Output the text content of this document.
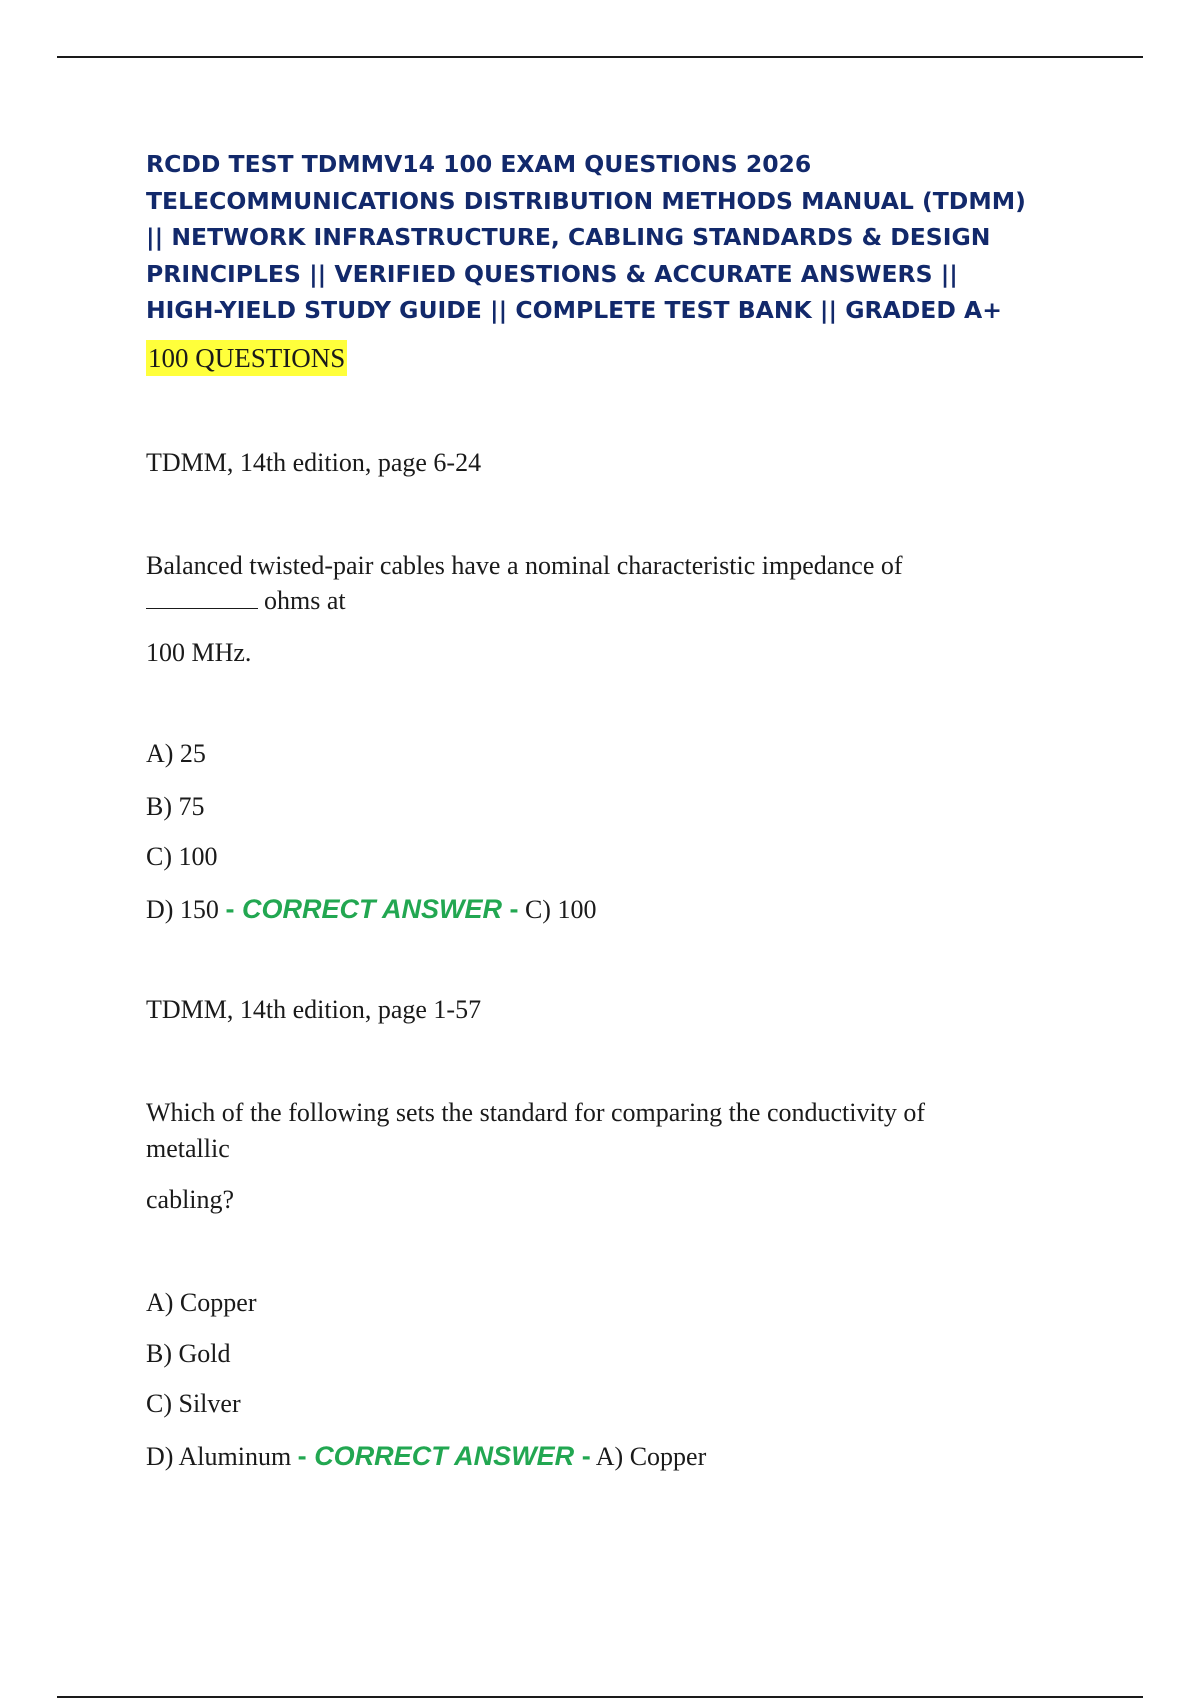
RCDD TEST TDMMV14 100 EXAM QUESTIONS 2026
TELECOMMUNICATIONS DISTRIBUTION METHODS MANUAL (TDMM)
|| NETWORK INFRASTRUCTURE, CABLING STANDARDS & DESIGN
PRINCIPLES || VERIFIED QUESTIONS & ACCURATE ANSWERS ||
HIGH-YIELD STUDY GUIDE || COMPLETE TEST BANK || GRADED A+
100 QUESTIONS
TDMM, 14th edition, page 6-24
Balanced twisted-pair cables have a nominal characteristic impedance of
ohms at
100 MHz.
A) 25
B) 75
C) 100
D) 150 - CORRECT ANSWER - C) 100
TDMM, 14th edition, page 1-57
Which of the following sets the standard for comparing the conductivity of
metallic
cabling?
A) Copper
B) Gold
C) Silver
D) Aluminum - CORRECT ANSWER - A) Copper
